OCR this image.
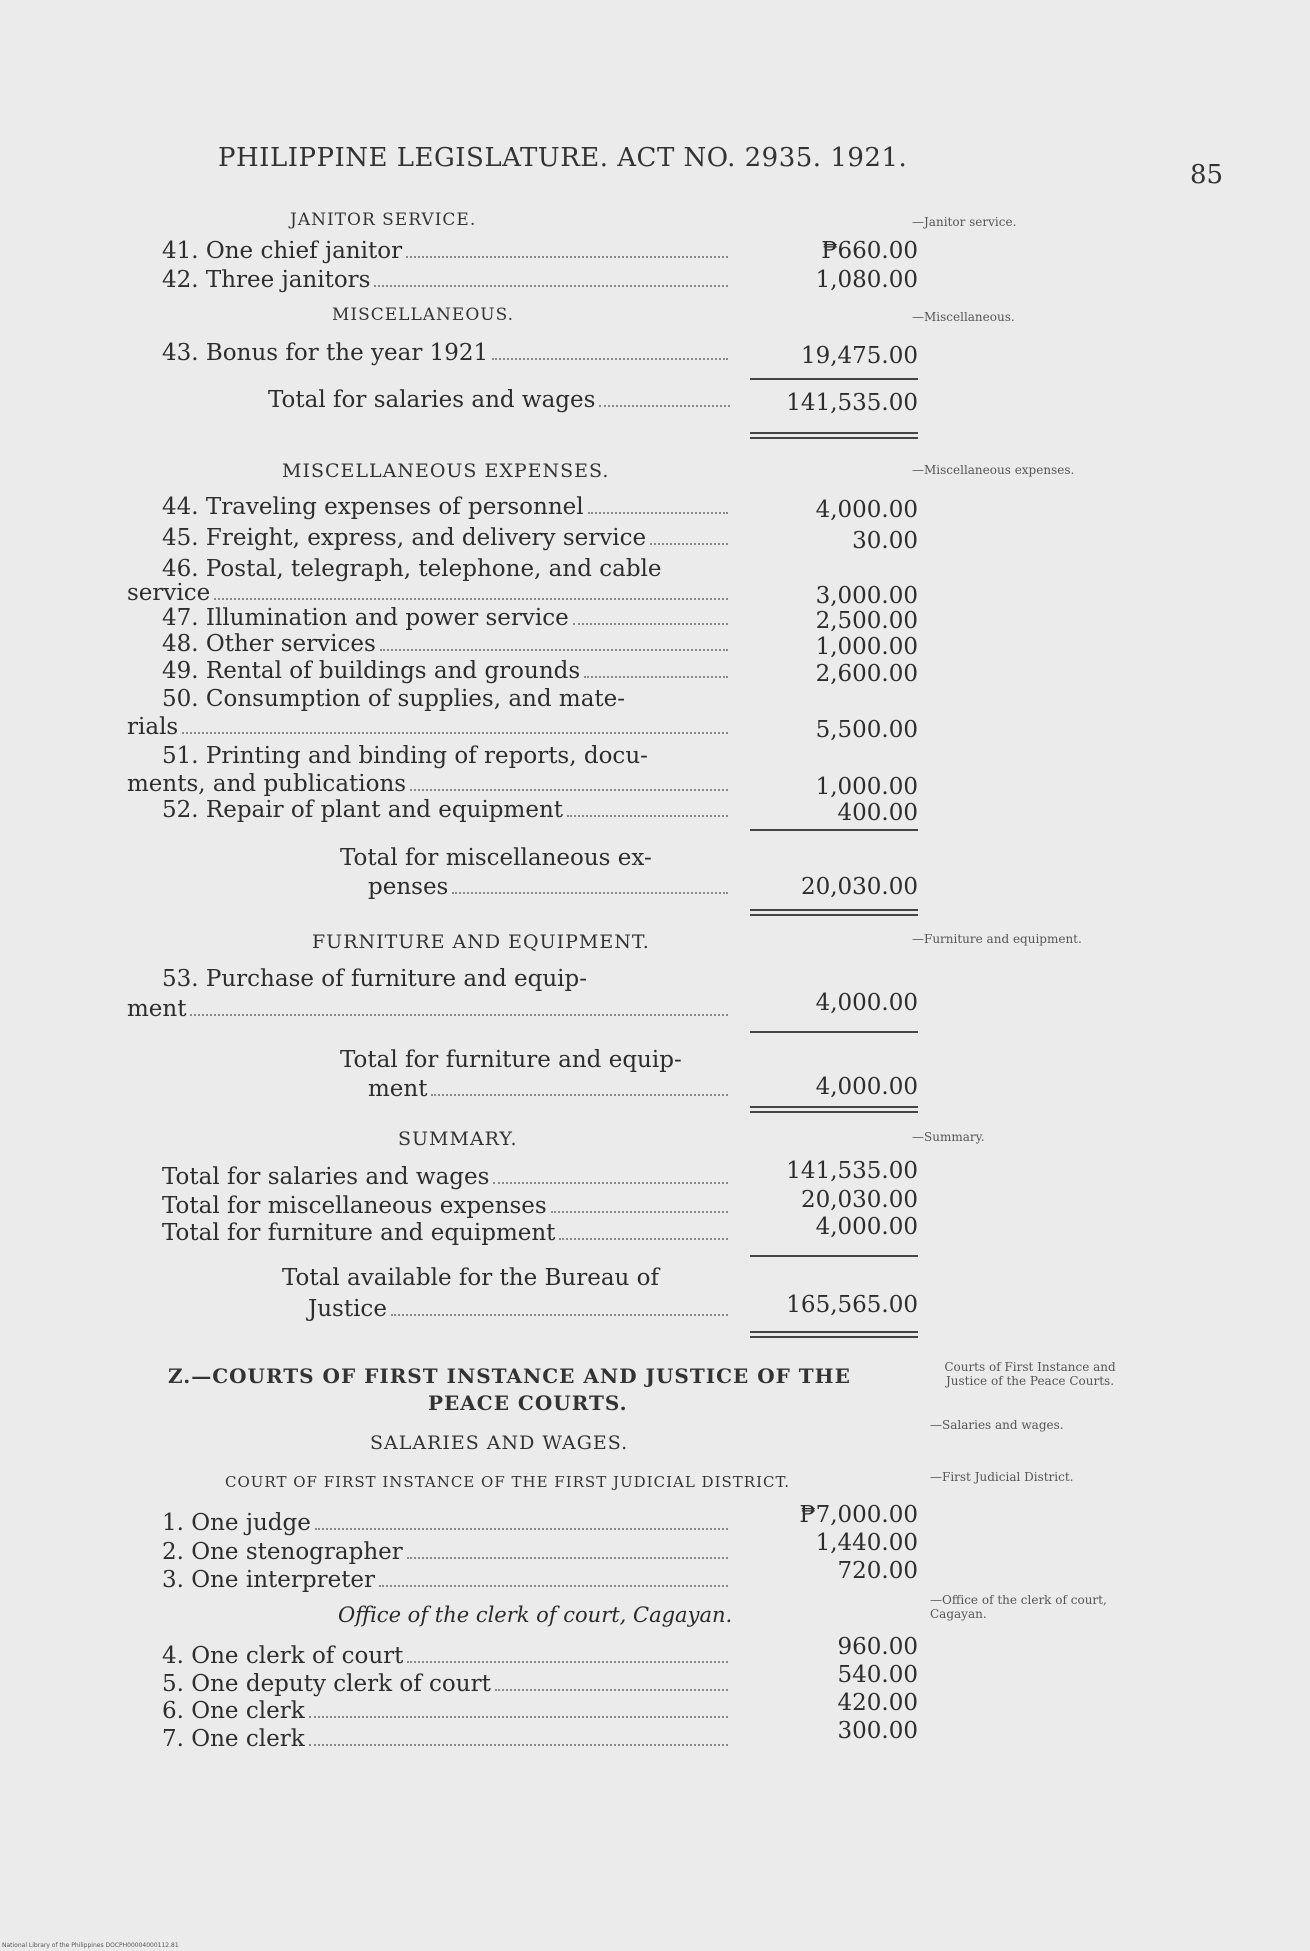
PHILIPPINE LEGISLATURE. ACT NO. 2935. 1921.
85
JANITOR SERVICE.	—Janitor service.
41. One chief janitor	₱660.00
42. Three janitors	1,080.00
MISCELLANEOUS.	—Miscellaneous.
43. Bonus for the year 1921	19,475.00
Total for salaries and wages	141,535.00
MISCELLANEOUS EXPENSES.	—Miscellaneous expenses.
44. Traveling expenses of personnel	4,000.00
45. Freight, express, and delivery service	30.00
46. Postal, telegraph, telephone, and cable
service	3,000.00
47. Illumination and power service	2,500.00
48. Other services	1,000.00
49. Rental of buildings and grounds	2,600.00
50. Consumption of supplies, and mate-
rials	5,500.00
51. Printing and binding of reports, docu-
ments, and publications	1,000.00
52. Repair of plant and equipment	400.00
Total for miscellaneous ex-
penses	20,030.00
FURNITURE AND EQUIPMENT.	—Furniture and equipment.
53. Purchase of furniture and equip-
ment	4,000.00
Total for furniture and equip-
ment	4,000.00
SUMMARY.	—Summary.
Total for salaries and wages	141,535.00
Total for miscellaneous expenses	20,030.00
Total for furniture and equipment	4,000.00
Total available for the Bureau of
Justice	165,565.00
Z.—COURTS OF FIRST INSTANCE AND JUSTICE OF THE
PEACE COURTS.
Courts of First Instance and Justice of the Peace Courts.
—Salaries and wages.
SALARIES AND WAGES.
COURT OF FIRST INSTANCE OF THE FIRST JUDICIAL DISTRICT.	—First Judicial District.
1. One judge	₱7,000.00
2. One stenographer	1,440.00
3. One interpreter	720.00
Office of the clerk of court, Cagayan.
—Office of the clerk of court, Cagayan.
4. One clerk of court	960.00
5. One deputy clerk of court	540.00
6. One clerk	420.00
7. One clerk	300.00
National Library of the Philippines DOCPH00004000112.81
